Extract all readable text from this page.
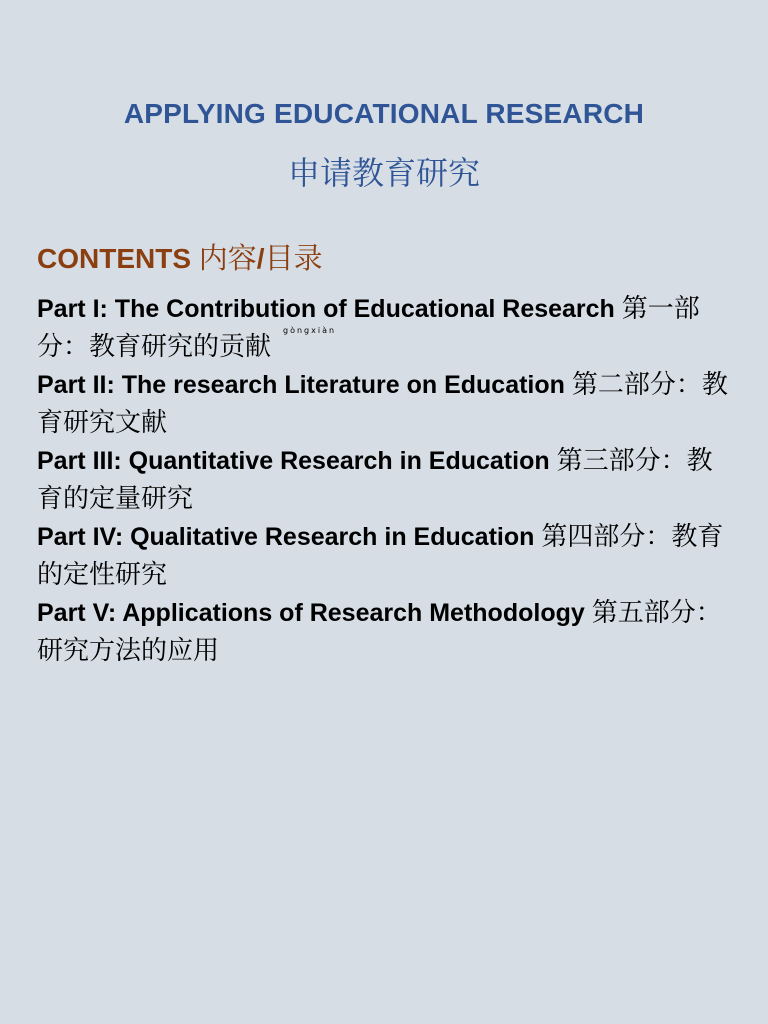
APPLYING EDUCATIONAL RESEARCH
申请教育研究
CONTENTS 内容/目录
gòngxiàn
Part I: The Contribution of Educational Research 第一部分：教育研究的贡献
Part II: The research Literature on Education 第二部分：教育研究文献
Part III: Quantitative Research in Education 第三部分：教育的定量研究
Part IV: Qualitative Research in Education 第四部分：教育的定性研究
Part V: Applications of Research Methodology 第五部分：研究方法的应用
